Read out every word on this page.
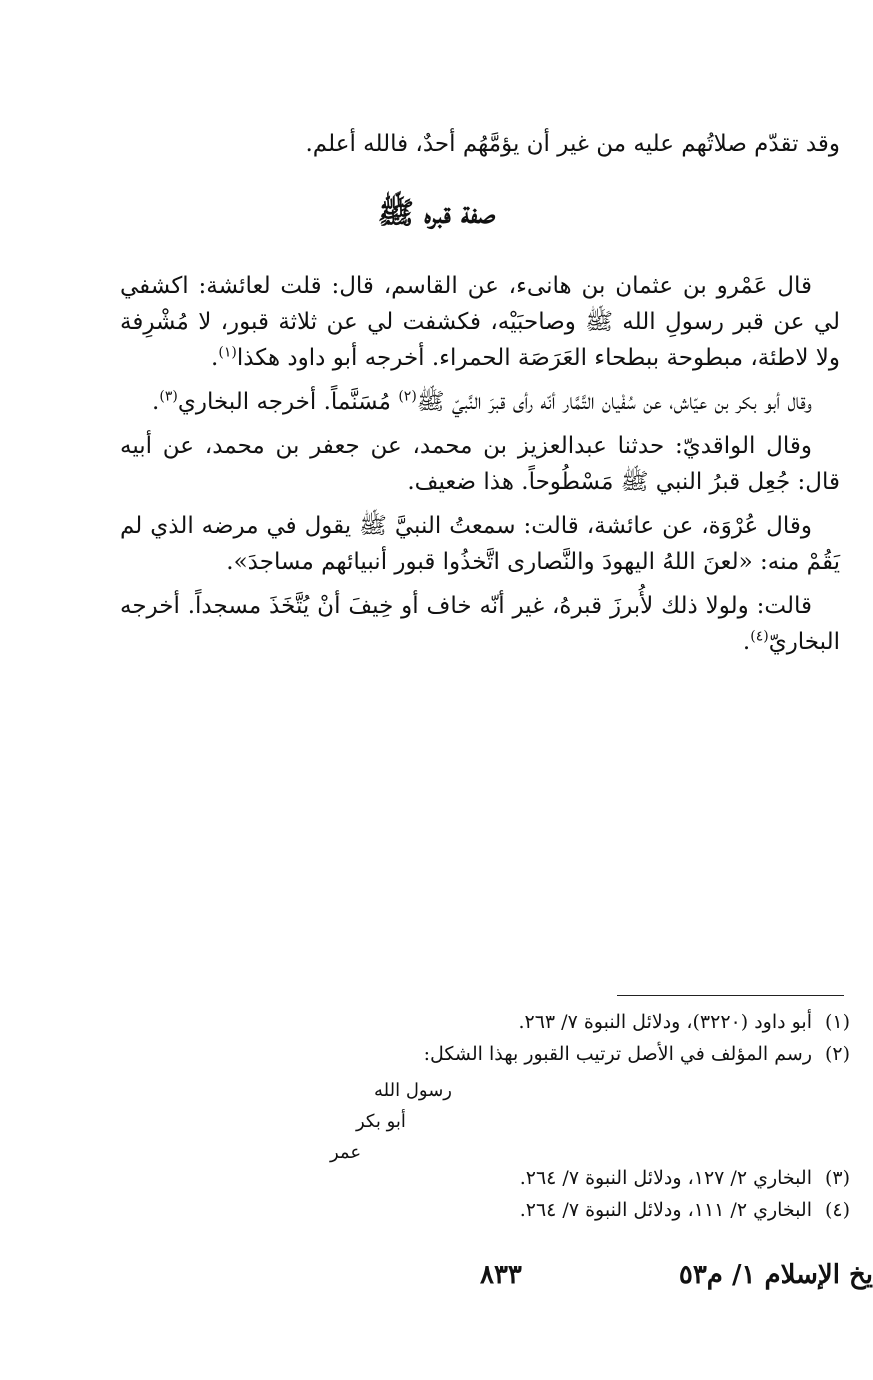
وقد تقدّم صلاتُهم عليه من غير أن يؤمَّهُم أحدٌ، فالله أعلم.

صفة قبره ﷺ

قال عَمْرو بن عثمان بن هانىء، عن القاسم، قال: قلت لعائشة: اكشفي لي عن قبر رسولِ الله ﷺ وصاحبَيْه، فكشفت لي عن ثلاثة قبور، لا مُشْرِفة ولا لاطئة، مبطوحة ببطحاء العَرَصَة الحمراء. أخرجه أبو داود هكذا$^{(١)}$.

وقال أبو بكر بن عيّاش، عن سُفْيان التَّمَّار أنّه رأى قبرَ النَّبيّ ﷺ$^{(٢)}$ مُسَنَّماً. أخرجه البخاري$^{(٣)}$.

وقال الواقديّ: حدثنا عبدالعزيز بن محمد، عن جعفر بن محمد، عن أبيه قال: جُعِل قبرُ النبي ﷺ مَسْطُوحاً. هذا ضعيف.

وقال عُرْوَة، عن عائشة، قالت: سمعتُ النبيَّ ﷺ يقول في مرضه الذي لم يَقُمْ منه: «لعنَ اللهُ اليهودَ والنَّصارى اتَّخذُوا قبور أنبيائهم مساجدَ».

قالت: ولولا ذلك لأُبرزَ قبرهُ، غير أنّه خاف أو خِيفَ أنْ يُتَّخَذَ مسجداً. أخرجه البخاريّ$^{(٤)}$.

(١)أبو داود (٣٢٢٠)، ودلائل النبوة ٧/ ٢٦٣.
(٢)رسم المؤلف في الأصل ترتيب القبور بهذا الشكل:
رسول الله
أبو بكر
عمر
(٣)البخاري ٢/ ١٢٧، ودلائل النبوة ٧/ ٢٦٤.
(٤)البخاري ٢/ ١١١، ودلائل النبوة ٧/ ٢٦٤.
يخ الإسلام ١/ م٥٣
٨٣٣
